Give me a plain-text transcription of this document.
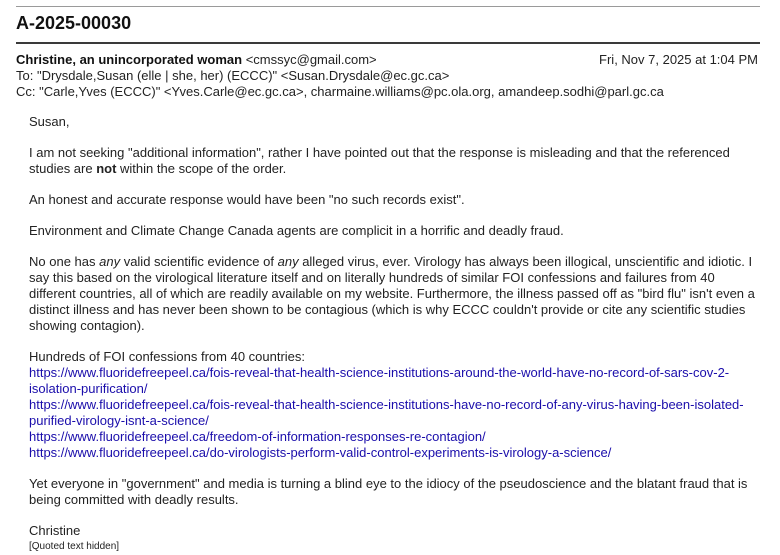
A-2025-00030
Christine, an unincorporated woman <cmssyc@gmail.com>	Fri, Nov 7, 2025 at 1:04 PM
To: "Drysdale,Susan (elle | she, her) (ECCC)" <Susan.Drysdale@ec.gc.ca>
Cc: "Carle,Yves (ECCC)" <Yves.Carle@ec.gc.ca>, charmaine.williams@pc.ola.org, amandeep.sodhi@parl.gc.ca

Susan,

I am not seeking "additional information", rather I have pointed out that the response is misleading and that the referenced studies are not within the scope of the order.

An honest and accurate response would have been "no such records exist".

Environment and Climate Change Canada agents are complicit in a horrific and deadly fraud.

No one has any valid scientific evidence of any alleged virus, ever. Virology has always been illogical, unscientific and idiotic. I say this based on the virological literature itself and on literally hundreds of similar FOI confessions and failures from 40 different countries, all of which are readily available on my website. Furthermore, the illness passed off as "bird flu" isn't even a distinct illness and has never been shown to be contagious (which is why ECCC couldn't provide or cite any scientific studies showing contagion).

Hundreds of FOI confessions from 40 countries:
https://www.fluoridefreepeel.ca/fois-reveal-that-health-science-institutions-around-the-world-have-no-record-of-sars-cov-2-isolation-purification/
https://www.fluoridefreepeel.ca/fois-reveal-that-health-science-institutions-have-no-record-of-any-virus-having-been-isolated-purified-virology-isnt-a-science/
https://www.fluoridefreepeel.ca/freedom-of-information-responses-re-contagion/
https://www.fluoridefreepeel.ca/do-virologists-perform-valid-control-experiments-is-virology-a-science/

Yet everyone in "government" and media is turning a blind eye to the idiocy of the pseudoscience and the blatant fraud that is being committed with deadly results.

Christine

[Quoted text hidden]
